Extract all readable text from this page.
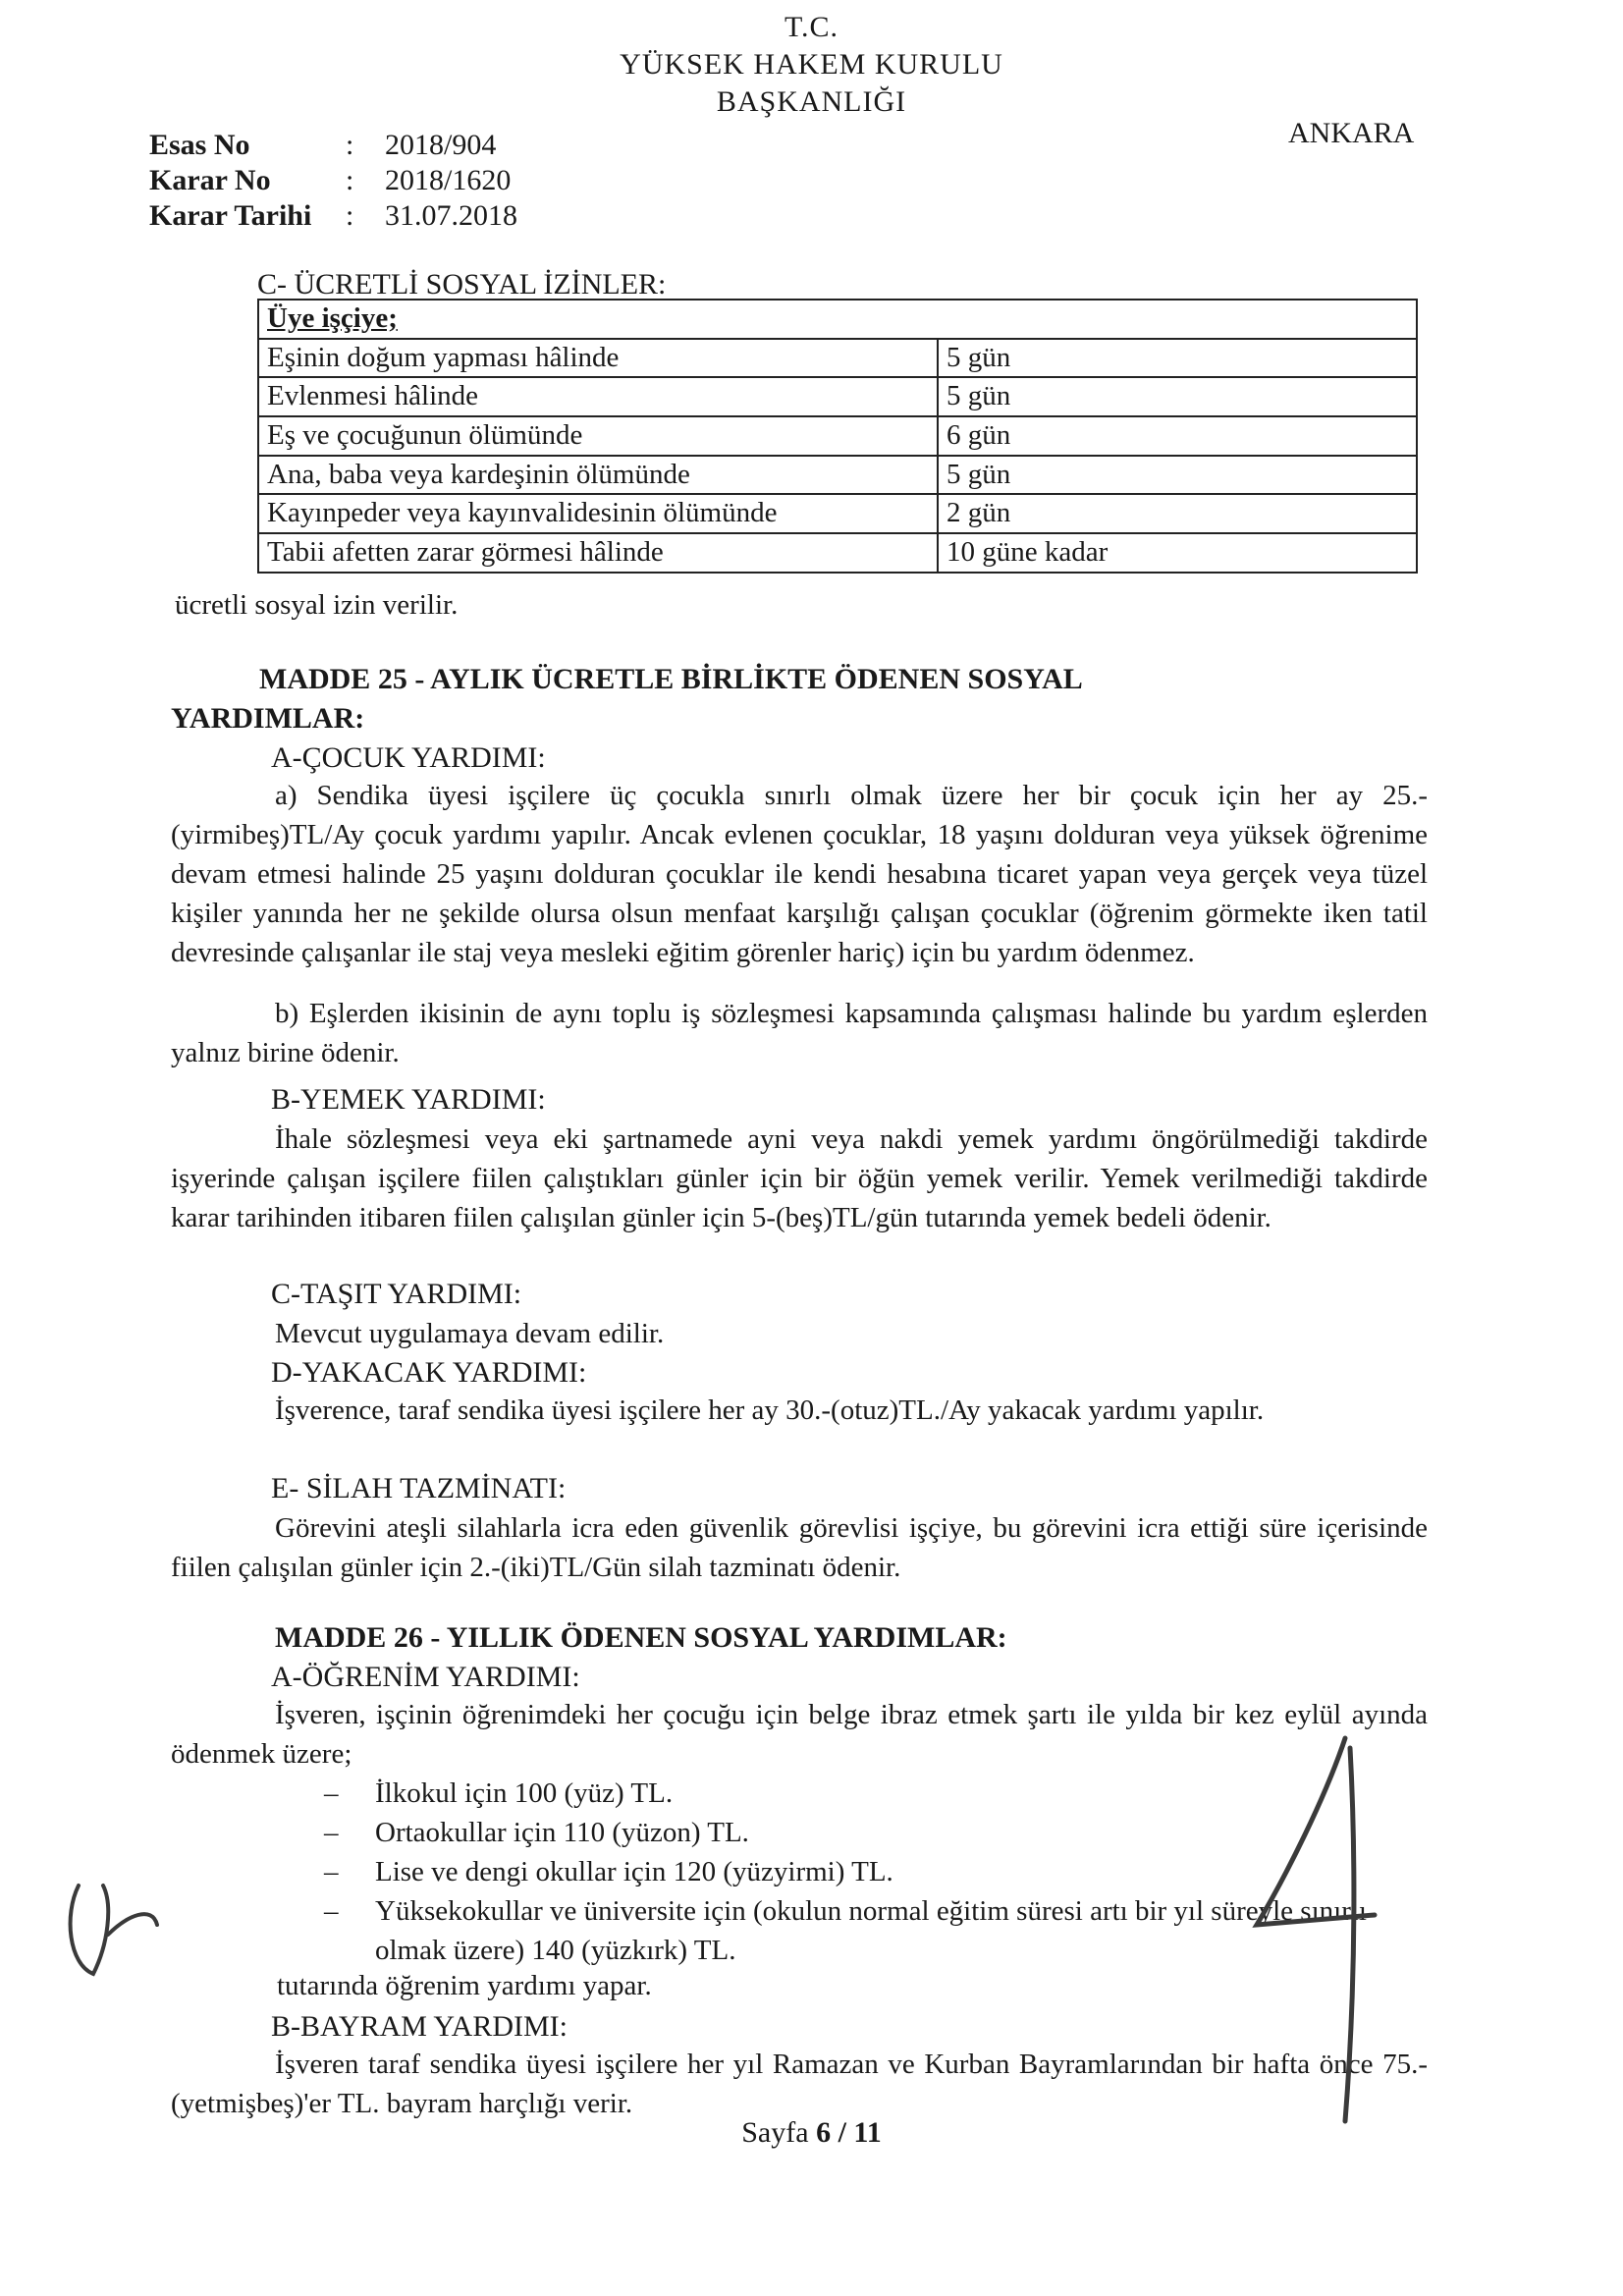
T.C.
YÜKSEK HAKEM KURULU
BAŞKANLIĞI
ANKARA
Esas No	: 2018/904
Karar No	: 2018/1620
Karar Tarihi : 31.07.2018
C- ÜCRETLİ SOSYAL İZİNLER:
Üye işçiye;	
Eşinin doğum yapması hâlinde	5 gün
Evlenmesi hâlinde	5 gün
Eş ve çocuğunun ölümünde	6 gün
Ana, baba veya kardeşinin ölümünde	5 gün
Kayınpeder veya kayınvalidesinin ölümünde	2 gün
Tabii afetten zarar görmesi hâlinde	10 güne kadar
ücretli sosyal izin verilir.
MADDE 25 - AYLIK ÜCRETLE BİRLİKTE ÖDENEN SOSYAL
YARDIMLAR:
A-ÇOCUK YARDIMI:
a) Sendika üyesi işçilere üç çocukla sınırlı olmak üzere her bir çocuk için her ay 25.-(yirmibeş)TL/Ay çocuk yardımı yapılır. Ancak evlenen çocuklar, 18 yaşını dolduran veya yüksek öğrenime devam etmesi halinde 25 yaşını dolduran çocuklar ile kendi hesabına ticaret yapan veya gerçek veya tüzel kişiler yanında her ne şekilde olursa olsun menfaat karşılığı çalışan çocuklar (öğrenim görmekte iken tatil devresinde çalışanlar ile staj veya mesleki eğitim görenler hariç) için bu yardım ödenmez.
b) Eşlerden ikisinin de aynı toplu iş sözleşmesi kapsamında çalışması halinde bu yardım eşlerden yalnız birine ödenir.
B-YEMEK YARDIMI:
İhale sözleşmesi veya eki şartnamede ayni veya nakdi yemek yardımı öngörülmediği takdirde işyerinde çalışan işçilere fiilen çalıştıkları günler için bir öğün yemek verilir. Yemek verilmediği takdirde karar tarihinden itibaren fiilen çalışılan günler için 5-(beş)TL/gün tutarında yemek bedeli ödenir.
C-TAŞIT YARDIMI:
Mevcut uygulamaya devam edilir.
D-YAKACAK YARDIMI:
İşverence, taraf sendika üyesi işçilere her ay 30.-(otuz)TL./Ay yakacak yardımı yapılır.
E- SİLAH TAZMİNATI:
Görevini ateşli silahlarla icra eden güvenlik görevlisi işçiye, bu görevini icra ettiği süre içerisinde fiilen çalışılan günler için 2.-(iki)TL/Gün silah tazminatı ödenir.
MADDE 26 - YILLIK ÖDENEN SOSYAL YARDIMLAR:
A-ÖĞRENİM YARDIMI:
İşveren, işçinin öğrenimdeki her çocuğu için belge ibraz etmek şartı ile yılda bir kez eylül ayında ödenmek üzere;
– İlkokul için 100 (yüz) TL.
– Ortaokullar için 110 (yüzon) TL.
– Lise ve dengi okullar için 120 (yüzyirmi) TL.
– Yüksekokullar ve üniversite için (okulun normal eğitim süresi artı bir yıl süreyle sınırlı olmak üzere) 140 (yüzkırk) TL.
tutarında öğrenim yardımı yapar.
B-BAYRAM YARDIMI:
İşveren taraf sendika üyesi işçilere her yıl Ramazan ve Kurban Bayramlarından bir hafta önce 75.-(yetmişbeş)'er TL. bayram harçlığı verir.
Sayfa 6 / 11
